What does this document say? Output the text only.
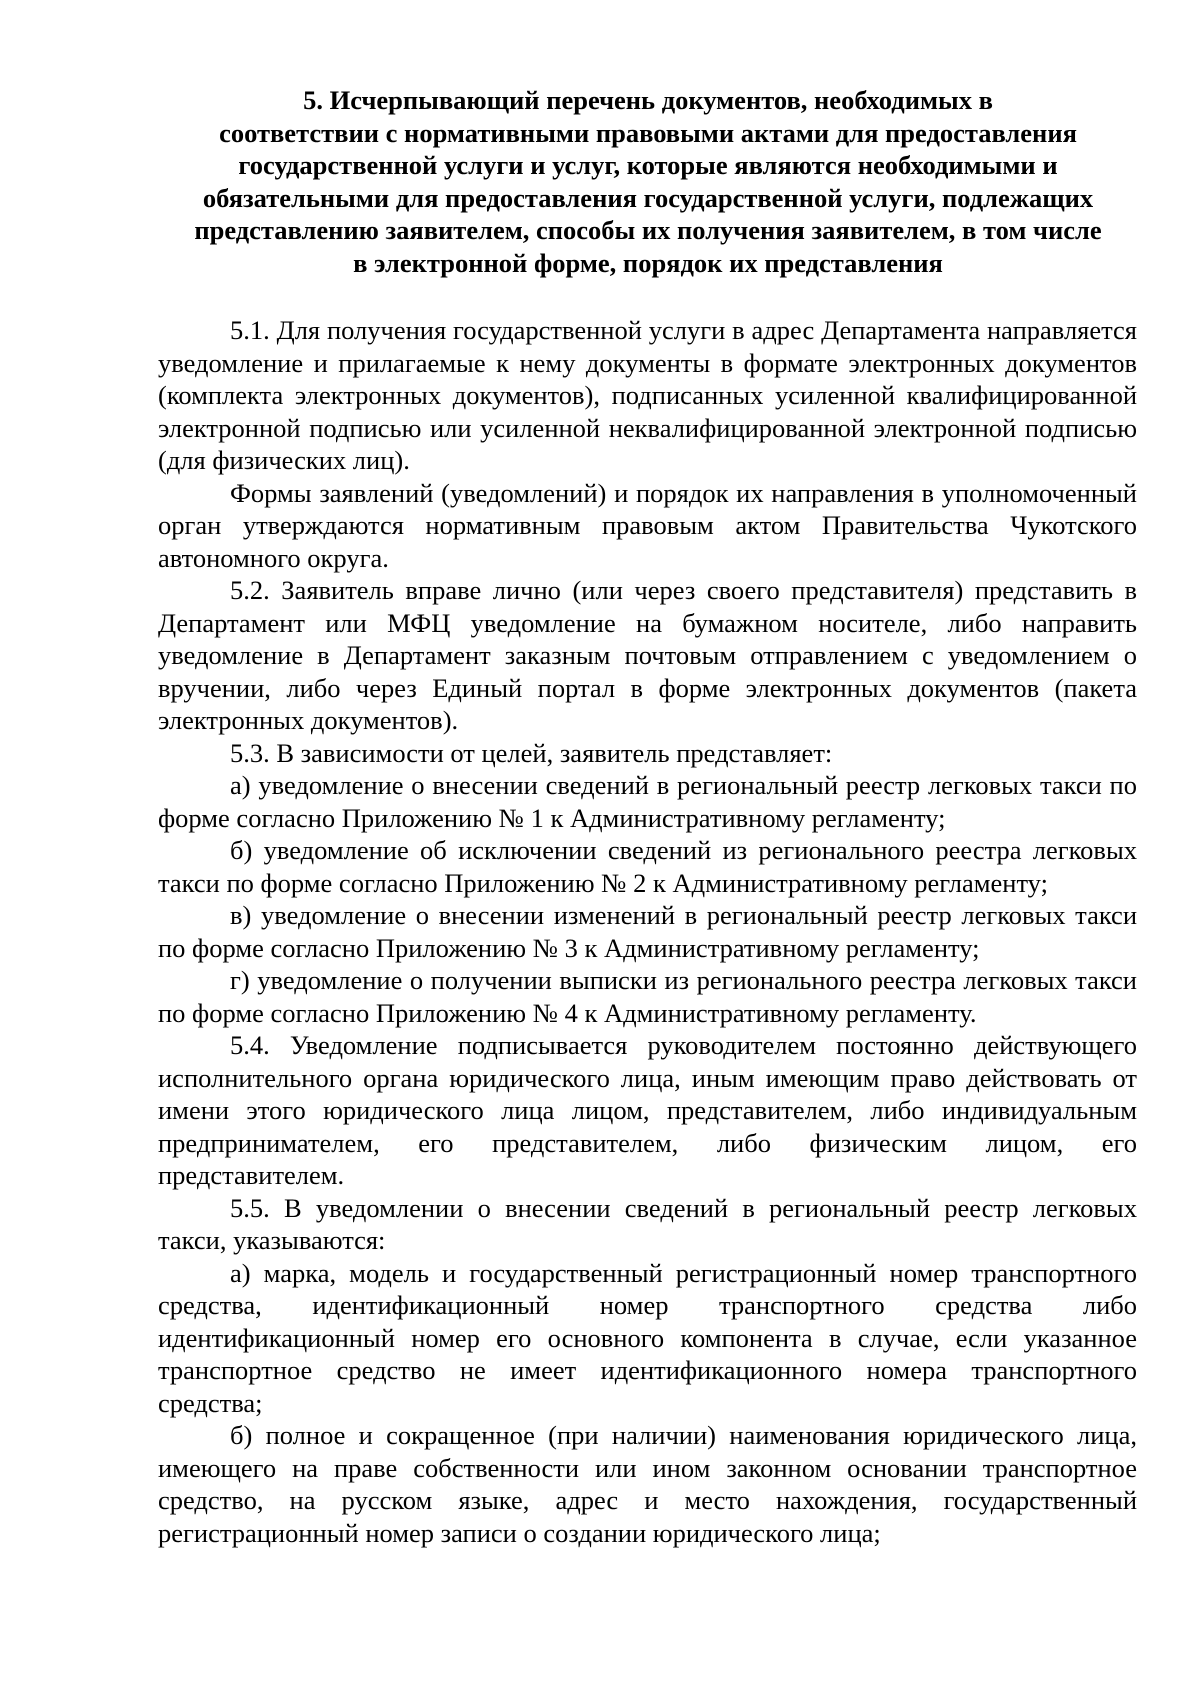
5. Исчерпывающий перечень документов, необходимых в
соответствии с нормативными правовыми актами для предоставления
государственной услуги и услуг, которые являются необходимыми и
обязательными для предоставления государственной услуги, подлежащих
представлению заявителем, способы их получения заявителем, в том числе
в электронной форме, порядок их представления

5.1. Для получения государственной услуги в адрес Департамента направляется уведомление и прилагаемые к нему документы в формате электронных документов (комплекта электронных документов), подписанных усиленной квалифицированной электронной подписью или усиленной неквалифицированной электронной подписью (для физических лиц).

Формы заявлений (уведомлений) и порядок их направления в уполномоченный орган утверждаются нормативным правовым актом Правительства Чукотского автономного округа.

5.2. Заявитель вправе лично (или через своего представителя) представить в Департамент или МФЦ уведомление на бумажном носителе, либо направить уведомление в Департамент заказным почтовым отправлением с уведомлением о вручении, либо через Единый портал в форме электронных документов (пакета электронных документов).

5.3. В зависимости от целей, заявитель представляет:

а) уведомление о внесении сведений в региональный реестр легковых такси по форме согласно Приложению № 1 к Административному регламенту;

б) уведомление об исключении сведений из регионального реестра легковых такси по форме согласно Приложению № 2 к Административному регламенту;

в) уведомление о внесении изменений в региональный реестр легковых такси по форме согласно Приложению № 3 к Административному регламенту;

г) уведомление о получении выписки из регионального реестра легковых такси по форме согласно Приложению № 4 к Административному регламенту.

5.4. Уведомление подписывается руководителем постоянно действующего исполнительного органа юридического лица, иным имеющим право действовать от имени этого юридического лица лицом, представителем, либо индивидуальным предпринимателем, его представителем, либо физическим лицом, его представителем.

5.5. В уведомлении о внесении сведений в региональный реестр легковых такси, указываются:

а) марка, модель и государственный регистрационный номер транспортного средства, идентификационный номер транспортного средства либо идентификационный номер его основного компонента в случае, если указанное транспортное средство не имеет идентификационного номера транспортного средства;

б) полное и сокращенное (при наличии) наименования юридического лица, имеющего на праве собственности или ином законном основании транспортное средство, на русском языке, адрес и место нахождения, государственный регистрационный номер записи о создании юридического лица;
